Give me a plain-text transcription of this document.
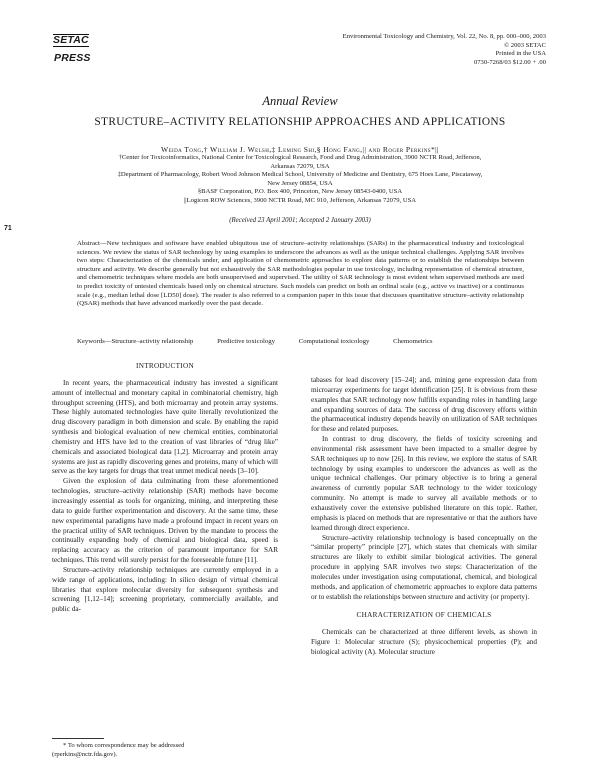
SETACPRESS
Environmental Toxicology and Chemistry, Vol. 22, No. 8, pp. 000–000, 2003
© 2003 SETAC
Printed in the USA
0730-7268/03 $12.00 + .00
Annual Review
STRUCTURE–ACTIVITY RELATIONSHIP APPROACHES AND APPLICATIONS
Weida Tong,† William J. Welsh,‡ Leming Shi,§ Hong Fang,|| and Roger Perkins*||
†Center for Toxicoinformatics, National Center for Toxicological Research, Food and Drug Administration, 3900 NCTR Road, Jefferson,
Arkansas 72079, USA
‡Department of Pharmacology, Robert Wood Johnson Medical School, University of Medicine and Dentistry, 675 Hoes Lane, Piscataway,
New Jersey 08854, USA
§BASF Corporation, P.O. Box 400, Princeton, New Jersey 08543-0400, USA
||Logicon ROW Sciences, 3900 NCTR Road, MC 910, Jefferson, Arkansas 72079, USA
(Received 23 April 2001; Accepted 2 January 2003)
71
Abstract—New techniques and software have enabled ubiquitous use of structure–activity relationships (SARs) in the pharmaceutical industry and toxicological sciences. We review the status of SAR technology by using examples to underscore the advances as well as the unique technical challenges. Applying SAR involves two steps: Characterization of the chemicals under, and application of chemometric approaches to explore data patterns or to establish the relationships between structure and activity. We describe generally but not exhaustively the SAR methodologies popular in use toxicology, including representation of chemical structure, and chemometric techniques where models are both unsupervised and supervised. The utility of SAR technology is most evident when supervised methods are used to predict toxicity of untested chemicals based only on chemical structure. Such models can predict on both an ordinal scale (e.g., active vs inactive) or a continuous scale (e.g., median lethal dose [LD50] dose). The reader is also referred to a companion paper in this issue that discusses quantitative structure–activity relationship (QSAR) methods that have advanced markedly over the past decade.
Keywords—Structure–activity relationship	Predictive toxicology	Computational toxicology	Chemometrics
INTRODUCTION

In recent years, the pharmaceutical industry has invested a significant amount of intellectual and monetary capital in combinatorial chemistry, high throughput screening (HTS), and both microarray and protein array systems. These highly automated technologies have quite literally revolutionized the drug discovery paradigm in both dimension and scale. By enabling the rapid synthesis and biological evaluation of new chemical entities, combinatorial chemistry and HTS have led to the creation of vast libraries of “drug like” chemicals and associated biological data [1,2]. Microarray and protein array systems are just as rapidly discovering genes and proteins, many of which will serve as the key targets for drugs that treat unmet medical needs [3–10].

Given the explosion of data culminating from these aforementioned technologies, structure–activity relationship (SAR) methods have become increasingly essential as tools for organizing, mining, and interpreting these data to guide further experimentation and discovery. At the same time, these new experimental paradigms have made a profound impact in recent years on the practical utility of SAR techniques. Driven by the mandate to process the continually expanding body of chemical and biological data, speed is replacing accuracy as the criterion of paramount importance for SAR techniques. This trend will surely persist for the foreseeable future [11].

Structure–activity relationship techniques are currently employed in a wide range of applications, including: In silico design of virtual chemical libraries that explore molecular diversity for subsequent synthesis and screening [1,12–14]; screening proprietary, commercially available, and public da-

tabases for lead discovery [15–24]; and, mining gene expression data from microarray experiments for target identification [25]. It is obvious from these examples that SAR technology now fulfills expanding roles in handling large and expanding sources of data. The success of drug discovery efforts within the pharmaceutical industry depends heavily on utilization of SAR techniques for these and related purposes.

In contrast to drug discovery, the fields of toxicity screening and environmental risk assessment have been impacted to a smaller degree by SAR techniques up to now [26]. In this review, we explore the status of SAR technology by using examples to underscore the advances as well as the unique technical challenges. Our primary objective is to bring a general awareness of currently popular SAR technology to the wider toxicology community. No attempt is made to survey all available methods or to exhaustively cover the extensive published literature on this topic. Rather, emphasis is placed on methods that are representative or that the authors have learned through direct experience.

Structure–activity relationship technology is based conceptually on the “similar property” principle [27], which states that chemicals with similar structures are likely to exhibit similar biological activities. The general procedure in applying SAR involves two steps: Characterization of the molecules under investigation using computational, chemical, and biological methods, and application of chemometric approaches to explore data patterns or to establish the relationships between structure and activity (or property).

CHARACTERIZATION OF CHEMICALS

Chemicals can be characterized at three different levels, as shown in Figure 1: Molecular structure (S); physicochemical properties (P); and biological activity (A). Molecular structure

* To whom correspondence may be addressed

(rperkins@nctr.fda.gov).
